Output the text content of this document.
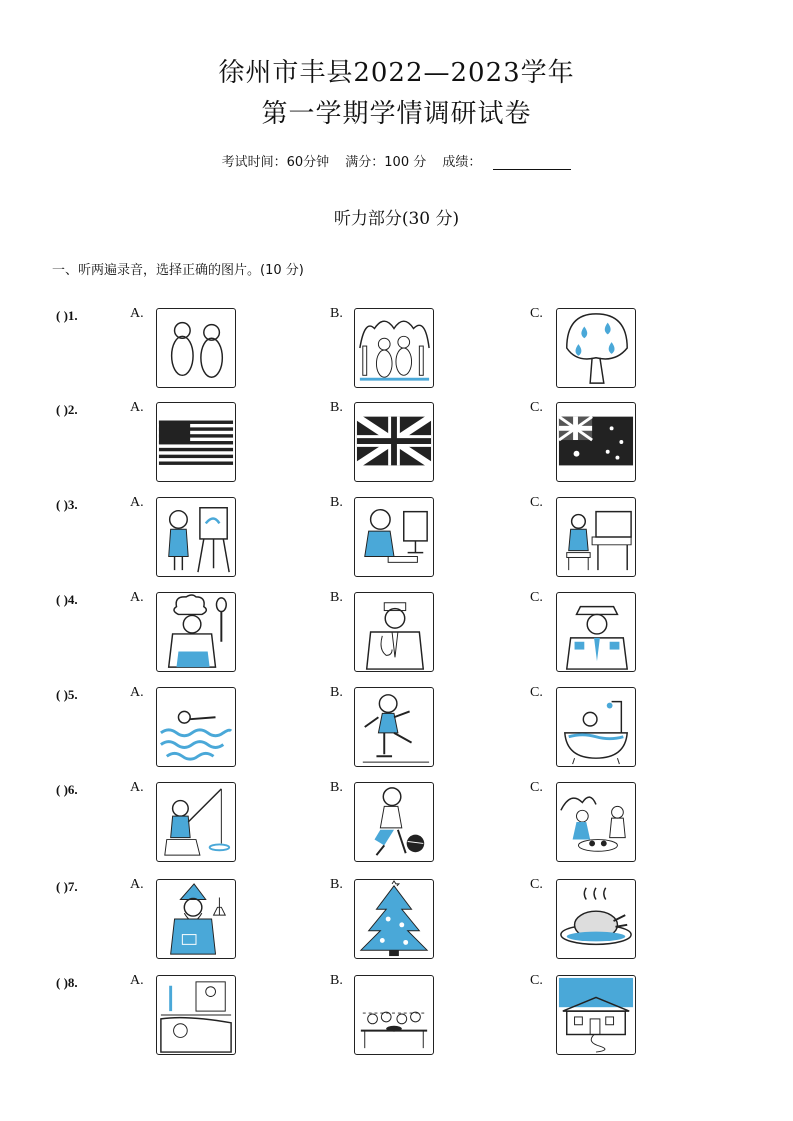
徐州市丰县2022—2023学年
第一学期学情调研试卷
考试时间：60分钟 满分：100 分 成绩：
听力部分(30 分)
一、听两遍录音，选择正确的图片。(10 分)
( )1.	A.	B.	C.
( )2.	A.	B.	C.
( )3.	A.	B.	C.
( )4.	A.	B.	C.
( )5.	A.	B.	C.
( )6.	A.	B.	C.
( )7.	A.	B.	C.
( )8.	A.	B.	C.
